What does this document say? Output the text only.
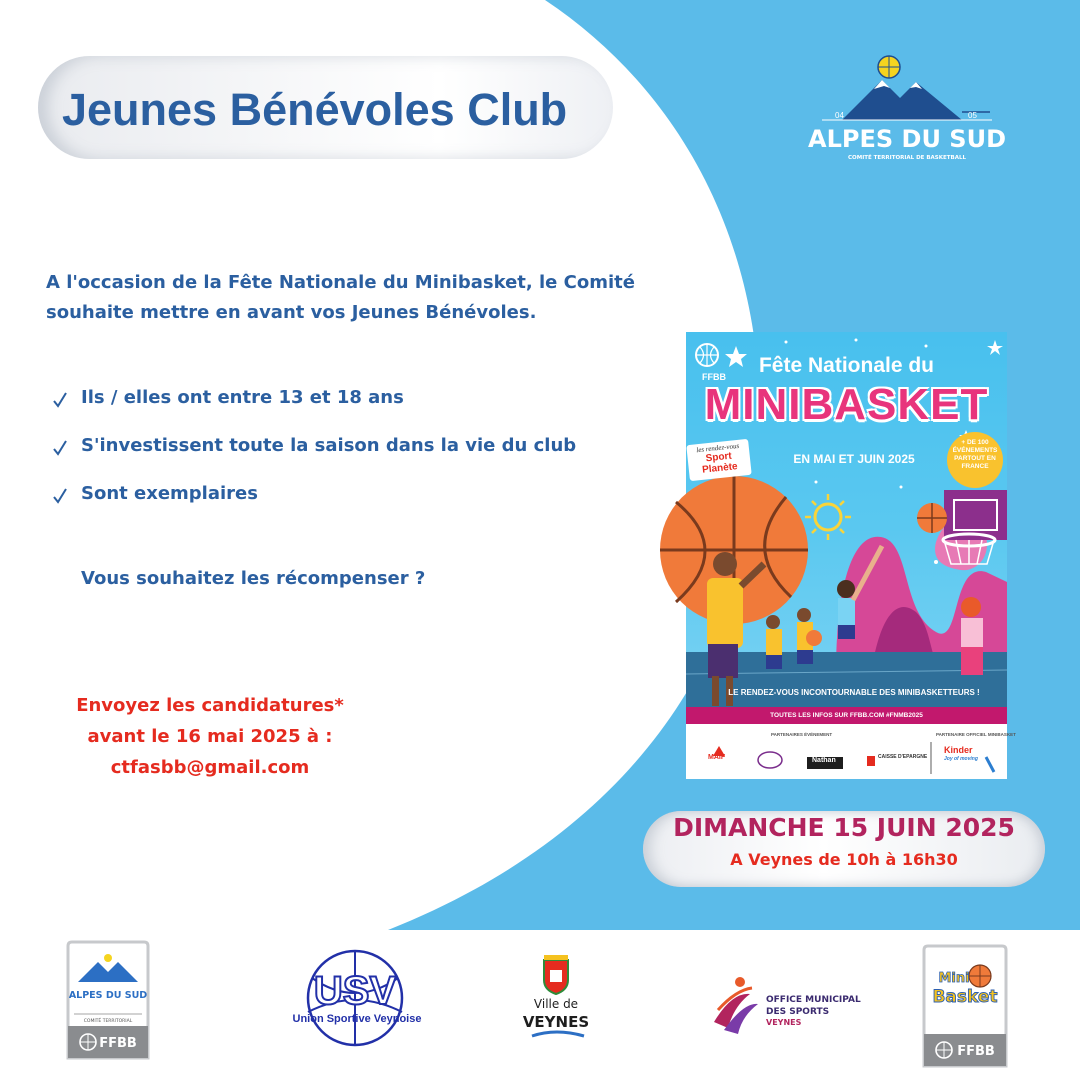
Jeunes Bénévoles Club	04	05
ALPES DU SUD
COMITÉ TERRITORIAL DE BASKETBALL
A l'occasion de la Fête Nationale du Minibasket, le Comité souhaite mettre en avant vos Jeunes Bénévoles.
Ils / elles ont entre 13 et 18 ans
S'investissent toute la saison dans la vie du club
Sont exemplaires
Vous souhaitez les récompenser ?
Envoyez les candidatures*
avant le 16 mai 2025 à :
ctfasbb@gmail.com
FFBB	Fête Nationale du
MINIBASKET
EN MAI ET JUIN 2025
les rendez-vous
Sport
Planète
+ DE 100
ÉVÉNEMENTS
PARTOUT EN
FRANCE
LE RENDEZ-VOUS INCONTOURNABLE DES MINIBASKETTEURS !
TOUTES LES INFOS SUR FFBB.COM #FNMB2025
PARTENAIRES ÉVÉNEMENT	PARTENAIRE OFFICIEL MINIBASKET
MAIF	Nathan	CAISSE D'EPARGNE
Kinder
Joy of moving
DIMANCHE 15 JUIN 2025
A Veynes de 10h à 16h30
ALPES DU SUD
COMITÉ TERRITORIAL
FFBB
USV
Union Sportive Veynoise
Ville de
VEYNES
OFFICE MUNICIPAL
DES SPORTS
VEYNES
Mini
Basket
FFBB
